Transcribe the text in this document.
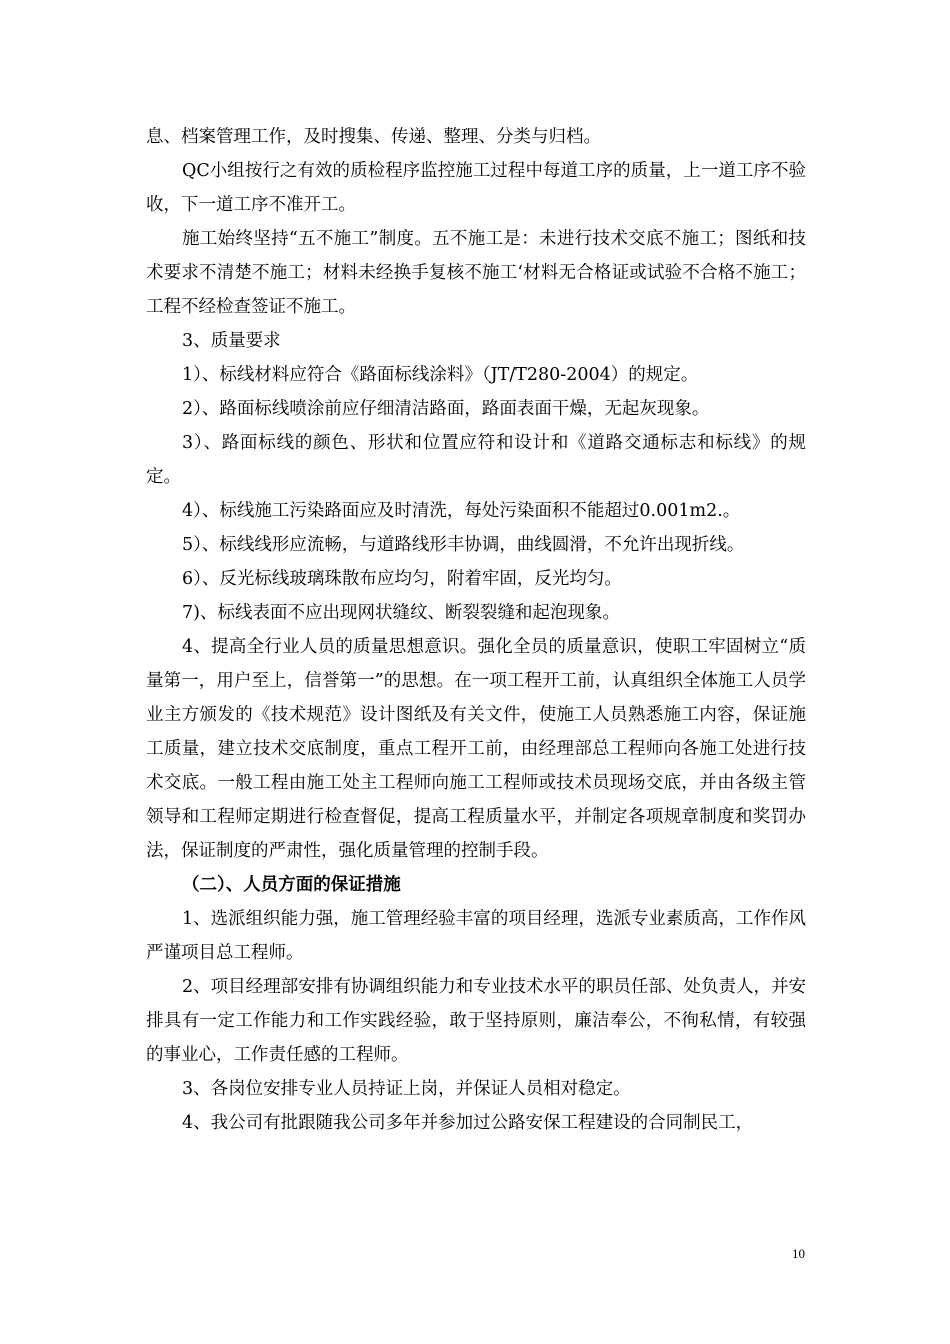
息、档案管理工作，及时搜集、传递、整理、分类与归档。

QC小组按行之有效的质检程序监控施工过程中每道工序的质量，上一道工序不验收，下一道工序不准开工。

施工始终坚持“五不施工”制度。五不施工是：未进行技术交底不施工；图纸和技术要求不清楚不施工；材料未经换手复核不施工‘材料无合格证或试验不合格不施工；工程不经检查签证不施工。

3、质量要求

1）、标线材料应符合《路面标线涂料》（JT/T280-2004）的规定。

2）、路面标线喷涂前应仔细清洁路面，路面表面干燥，无起灰现象。

3）、路面标线的颜色、形状和位置应符和设计和《道路交通标志和标线》的规定。

4）、标线施工污染路面应及时清洗，每处污染面积不能超过0.001m2.。

5）、标线线形应流畅，与道路线形丰协调，曲线圆滑，不允许出现折线。

6）、反光标线玻璃珠散布应均匀，附着牢固，反光均匀。

7)、标线表面不应出现网状缝纹、断裂裂缝和起泡现象。

4、提高全行业人员的质量思想意识。强化全员的质量意识，使职工牢固树立“质量第一，用户至上，信誉第一”的思想。在一项工程开工前，认真组织全体施工人员学业主方颁发的《技术规范》设计图纸及有关文件，使施工人员熟悉施工内容，保证施工质量，建立技术交底制度，重点工程开工前，由经理部总工程师向各施工处进行技术交底。一般工程由施工处主工程师向施工工程师或技术员现场交底，并由各级主管领导和工程师定期进行检查督促，提高工程质量水平，并制定各项规章制度和奖罚办法，保证制度的严肃性，强化质量管理的控制手段。

（二）、人员方面的保证措施

1、选派组织能力强，施工管理经验丰富的项目经理，选派专业素质高，工作作风严谨项目总工程师。

2、项目经理部安排有协调组织能力和专业技术水平的职员任部、处负责人，并安排具有一定工作能力和工作实践经验，敢于坚持原则，廉洁奉公，不徇私情，有较强的事业心，工作责任感的工程师。

3、各岗位安排专业人员持证上岗，并保证人员相对稳定。

4、我公司有批跟随我公司多年并参加过公路安保工程建设的合同制民工，

10
